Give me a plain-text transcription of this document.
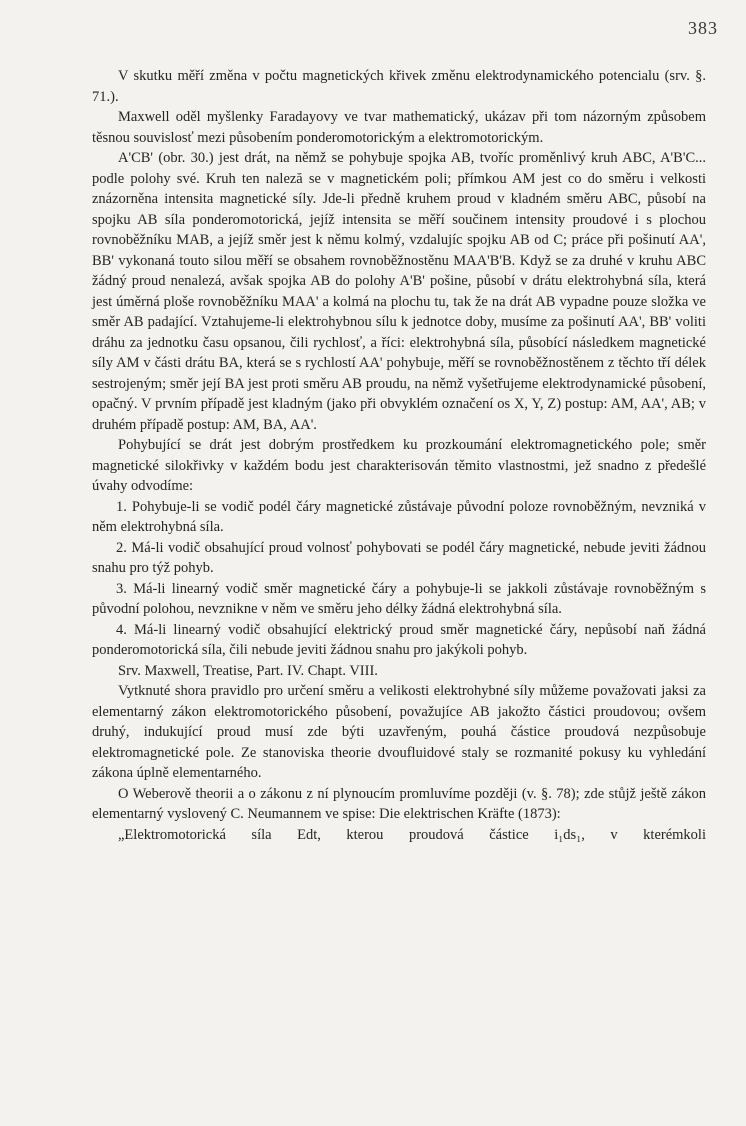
383

V skutku měří změna v počtu magnetických křivek změnu elektrodynamického potencialu (srv. §. 71.).

Maxwell oděl myšlenky Faradayovy ve tvar mathematický, ukázav při tom názorným způsobem těsnou souvislosť mezi působením ponderomotorickým a elektromotorickým.

A'CB' (obr. 30.) jest drát, na němž se pohybuje spojka AB, tvoříc proměnlivý kruh ABC, A'B'C... podle polohy své. Kruh ten naleză se v magnetickém poli; přímkou AM jest co do směru i velkosti znázorněna intensita magnetické síly. Jde-li předně kruhem proud v kladném směru ABC, působí na spojku AB síla ponderomotorická, jejíž intensita se měří součinem intensity proudové i s plochou rovnoběžníku MAB, a jejíž směr jest k němu kolmý, vzdalujíc spojku AB od C; práce při pošinutí AA', BB' vykonaná touto silou měří se obsahem rovnoběžnostěnu MAA'B'B. Když se za druhé v kruhu ABC žádný proud nenalezá, avšak spojka AB do polohy A'B' pošine, působí v drátu elektrohybná síla, která jest úměrná ploše rovnoběžníku MAA' a kolmá na plochu tu, tak že na drát AB vypadne pouze složka ve směr AB padající. Vztahujeme-li elektrohybnou sílu k jednotce doby, musíme za pošinutí AA', BB' voliti dráhu za jednotku času opsanou, čili rychlosť, a říci: elektrohybná síla, působící následkem magnetické síly AM v části drátu BA, která se s rychlostí AA' pohybuje, měří se rovnoběžnostěnem z těchto tří délek sestrojeným; směr její BA jest proti směru AB proudu, na němž vyšetřujeme elektrodynamické působení, opačný. V prvním případě jest kladným (jako při obvyklém označení os X, Y, Z) postup: AM, AA', AB; v druhém případě postup: AM, BA, AA'.

Pohybující se drát jest dobrým prostředkem ku prozkoumání elektromagnetického pole; směr magnetické silokřivky v každém bodu jest charakterisován těmito vlastnostmi, jež snadno z předešlé úvahy odvodíme:

1. Pohybuje-li se vodič podél čáry magnetické zůstávaje původní poloze rovnoběžným, nevzniká v něm elektrohybná síla.

2. Má-li vodič obsahující proud volnosť pohybovati se podél čáry magnetické, nebude jeviti žádnou snahu pro týž pohyb.

3. Má-li linearný vodič směr magnetické čáry a pohybuje-li se jakkoli zůstávaje rovnoběžným s původní polohou, nevznikne v něm ve směru jeho délky žádná elektrohybná síla.

4. Má-li linearný vodič obsahující elektrický proud směr magnetické čáry, nepůsobí naň žádná ponderomotorická síla, čili nebude jeviti žádnou snahu pro jakýkoli pohyb.

Srv. Maxwell, Treatise, Part. IV. Chapt. VIII.

Vytknuté shora pravidlo pro určení směru a velikosti elektrohybné síly můžeme považovati jaksi za elementarný zákon elektromotorického působení, považujíce AB jakožto částici proudovou; ovšem druhý, indukující proud musí zde býti uzavřeným, pouhá částice proudová nezpůsobuje elektromagnetické pole. Ze stanoviska theorie dvoufluidové staly se rozmanité pokusy ku vyhledání zákona úplně elementarného.

O Weberově theorii a o zákonu z ní plynoucím promluvíme později (v. §. 78); zde stůjž ještě zákon elementarný vyslovený C. Neumannem ve spise: Die elektrischen Kräfte (1873):

„Elektromotorická síla Edt, kterou proudová částice i₁ds₁, v kterémkoli
